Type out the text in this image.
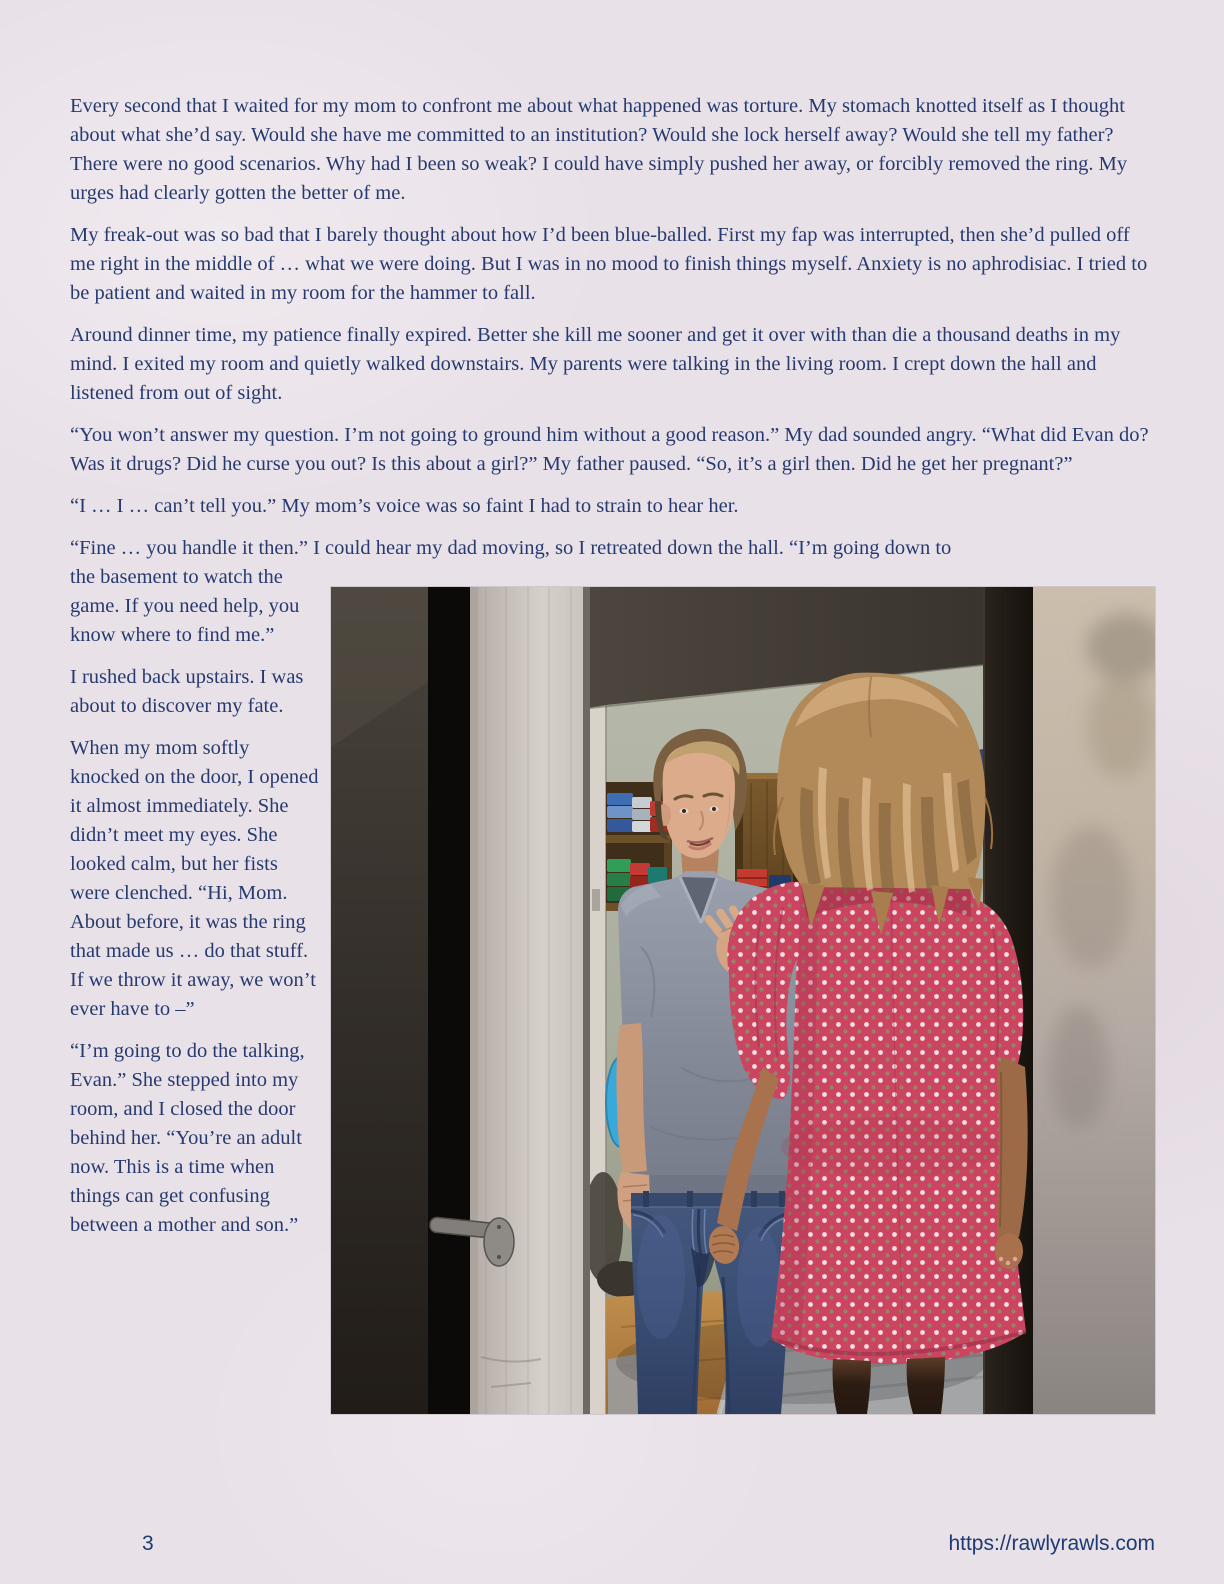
Every second that I waited for my mom to confront me about what happened was torture. My stomach knotted itself as I thought about what she’d say. Would she have me committed to an institution? Would she lock herself away? Would she tell my father? There were no good scenarios. Why had I been so weak? I could have simply pushed her away, or forcibly removed the ring. My urges had clearly gotten the better of me.

My freak-out was so bad that I barely thought about how I’d been blue-balled. First my fap was interrupted, then she’d pulled off me right in the middle of … what we were doing. But I was in no mood to finish things myself. Anxiety is no aphrodisiac. I tried to be patient and waited in my room for the hammer to fall.

Around dinner time, my patience finally expired. Better she kill me sooner and get it over with than die a thousand deaths in my mind. I exited my room and quietly walked downstairs. My parents were talking in the living room. I crept down the hall and listened from out of sight.

“You won’t answer my question. I’m not going to ground him without a good reason.” My dad sounded angry. “What did Evan do? Was it drugs? Did he curse you out? Is this about a girl?” My father paused. “So, it’s a girl then. Did he get her pregnant?”

“I … I … can’t tell you.” My mom’s voice was so faint I had to strain to hear her.

“Fine … you handle it then.” I could hear my dad moving, so I retreated down the hall. “I’m going down to

the basement to watch the game. If you need help, you know where to find me.”

I rushed back upstairs. I was about to discover my fate.

When my mom softly knocked on the door, I opened it almost immediately. She didn’t meet my eyes. She looked calm, but her fists were clenched. “Hi, Mom. About before, it was the ring that made us … do that stuff. If we throw it away, we won’t ever have to –”

“I’m going to do the talking, Evan.” She stepped into my room, and I closed the door behind her. “You’re an adult now. This is a time when things can get confusing between a mother and son.”

3	https://rawlyrawls.com
